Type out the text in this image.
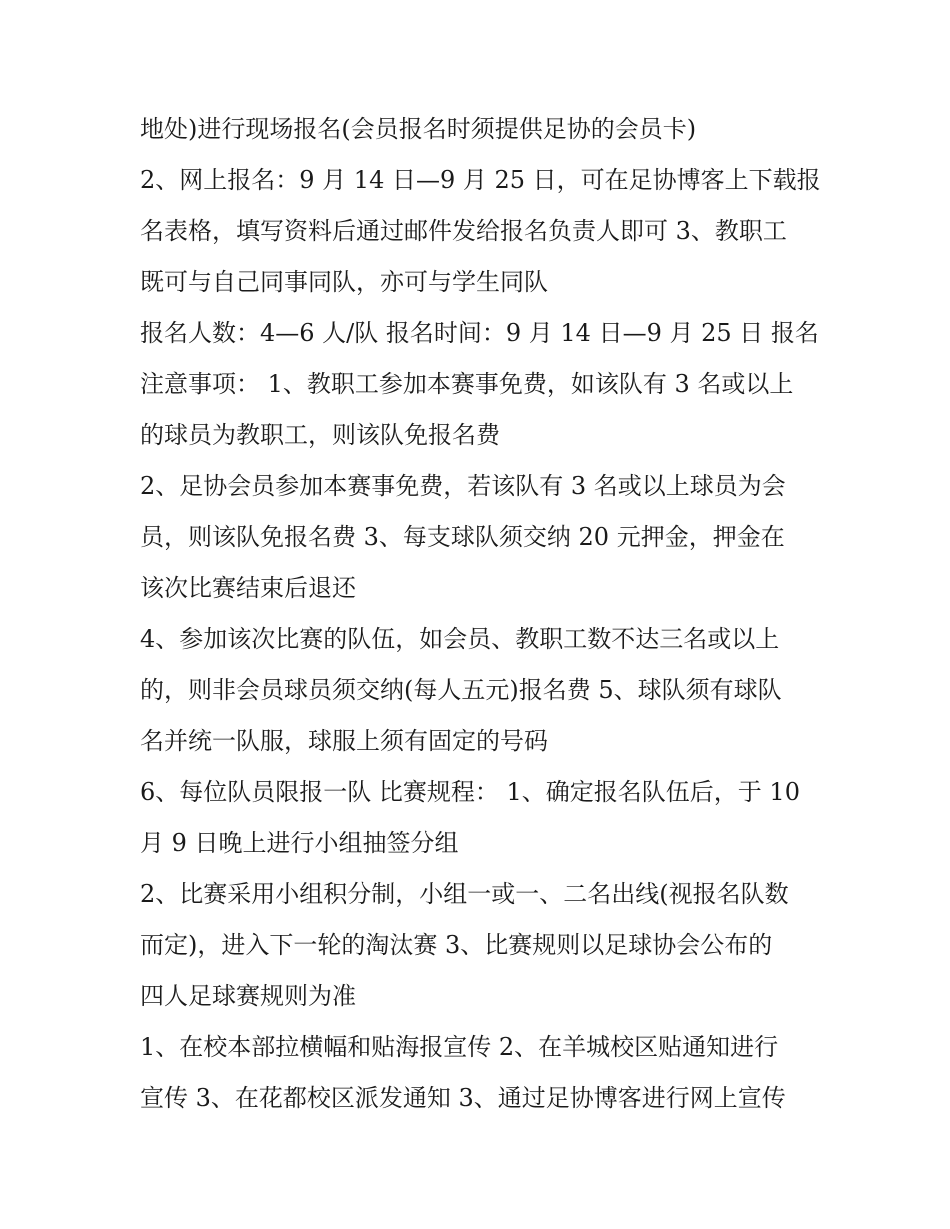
地处)进行现场报名(会员报名时须提供足协的会员卡)
2、网上报名：9 月 14 日—9 月 25 日，可在足协博客上下载报
名表格，填写资料后通过邮件发给报名负责人即可 3、教职工
既可与自己同事同队，亦可与学生同队
报名人数：4—6 人/队 报名时间：9 月 14 日—9 月 25 日 报名
注意事项： 1、教职工参加本赛事免费，如该队有 3 名或以上
的球员为教职工，则该队免报名费
2、足协会员参加本赛事免费，若该队有 3 名或以上球员为会
员，则该队免报名费 3、每支球队须交纳 20 元押金，押金在
该次比赛结束后退还
4、参加该次比赛的队伍，如会员、教职工数不达三名或以上
的，则非会员球员须交纳(每人五元)报名费 5、球队须有球队
名并统一队服，球服上须有固定的号码
6、每位队员限报一队 比赛规程： 1、确定报名队伍后，于 10
月 9 日晚上进行小组抽签分组
2、比赛采用小组积分制，小组一或一、二名出线(视报名队数
而定)，进入下一轮的淘汰赛 3、比赛规则以足球协会公布的
四人足球赛规则为准
1、在校本部拉横幅和贴海报宣传 2、在羊城校区贴通知进行
宣传 3、在花都校区派发通知 3、通过足协博客进行网上宣传
